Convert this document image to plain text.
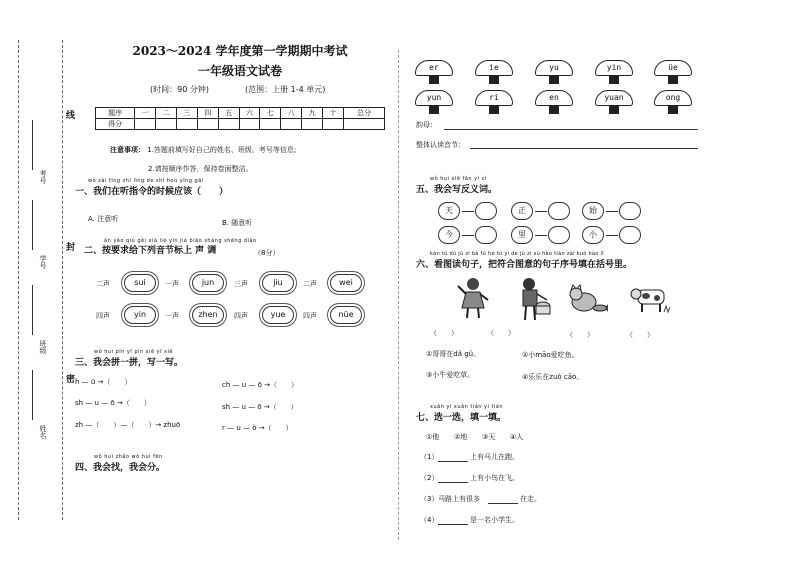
线
封
密
考号
学号
班级
姓名
2023～2024 学年度第一学期期中考试
一年级语文试卷
(时间：90 分钟)	(范围：上册 1-4 单元)
题序	一	二	三	四	五	六	七	八	九	十	总分
得分											
注意事项： 1.答题前填写好自己的姓名、班级、考号等信息;
2.请按顺序作答，保持卷面整洁。
wǒ zài tīng zhǐ lìng de shí hou yīng gāi
一、我们在听指令的时候应该（　　）
A. 注意听	B. 随意听
àn yāo qiú gěi xià liè yīn jié biāo shàng shēng diào
二、按要求给下列音节标上 声 调	（8分）
二声	sui	一声	jun	三声	jiu	二声	wei
四声	yin	一声	zhen	四声	yue	四声	nüe
wǒ huì pīn yī pīn xiě yī xiě
三、我会拼一拼，写一写。
h — ū →（　　）
sh — u — ō →（　　）
zh —（　　）—（　　）→ zhuō
ch — u — ō →（　　）
sh — u — ō →（　　）
r — u — ò →（　　）
wǒ huì zhǎo wǒ huì fēn
四、我会找，我会分。
er	ie	yu	yin	üe
yun	ri	en	yuan	ong
韵母：
整体认读音节：
wǒ huì xiě fǎn yì cí
五、我会写反义词。
天	正	始
今	里	小
kàn tú dú jù zi bǎ fú hé tú yì de jù zi xù hào tián zài kuò hào lǐ
六、看图读句子，把符合图意的句子序号填在括号里。
（　　）	（　　）	（　　）	（　　）
①哥哥在dǎ gǔ。	②小māo爱吃鱼。
③小牛爱吃草。	④乐乐在zuò cāo。
xuǎn yi xuǎn tián yi tián
七、选一选，填一填。
①他 ②地 ③天 ④人
（1）	上有马儿在跑。
（2）	上有小鸟在飞。
（3） 马路上有很多	在走。
（4）	是一名小学生。
